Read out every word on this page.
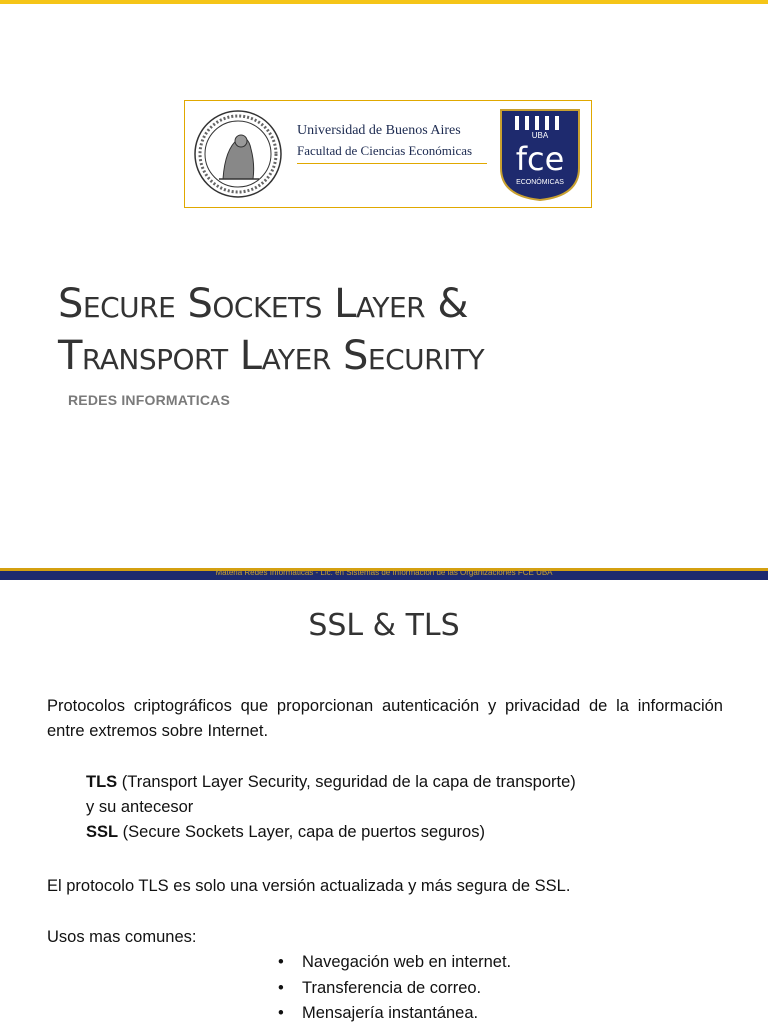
Universidad de Buenos Aires
Facultad de Ciencias Económicas
UBA
fce
ECONÓMICAS
Secure Sockets Layer &
Transport Layer Security
REDES INFORMATICAS
Materia Redes Informáticas - Lic. en Sistemas de Información de las Organizaciones FCE UBA
SSL & TLS
Protocolos criptográficos que proporcionan autenticación y privacidad de la información entre extremos sobre Internet.
TLS (Transport Layer Security, seguridad de la capa de transporte)
y su antecesor
SSL (Secure Sockets Layer, capa de puertos seguros)
El protocolo TLS es solo una versión actualizada y más segura de SSL.
Usos mas comunes:
• Navegación web en internet.
• Transferencia de correo.
• Mensajería instantánea.
